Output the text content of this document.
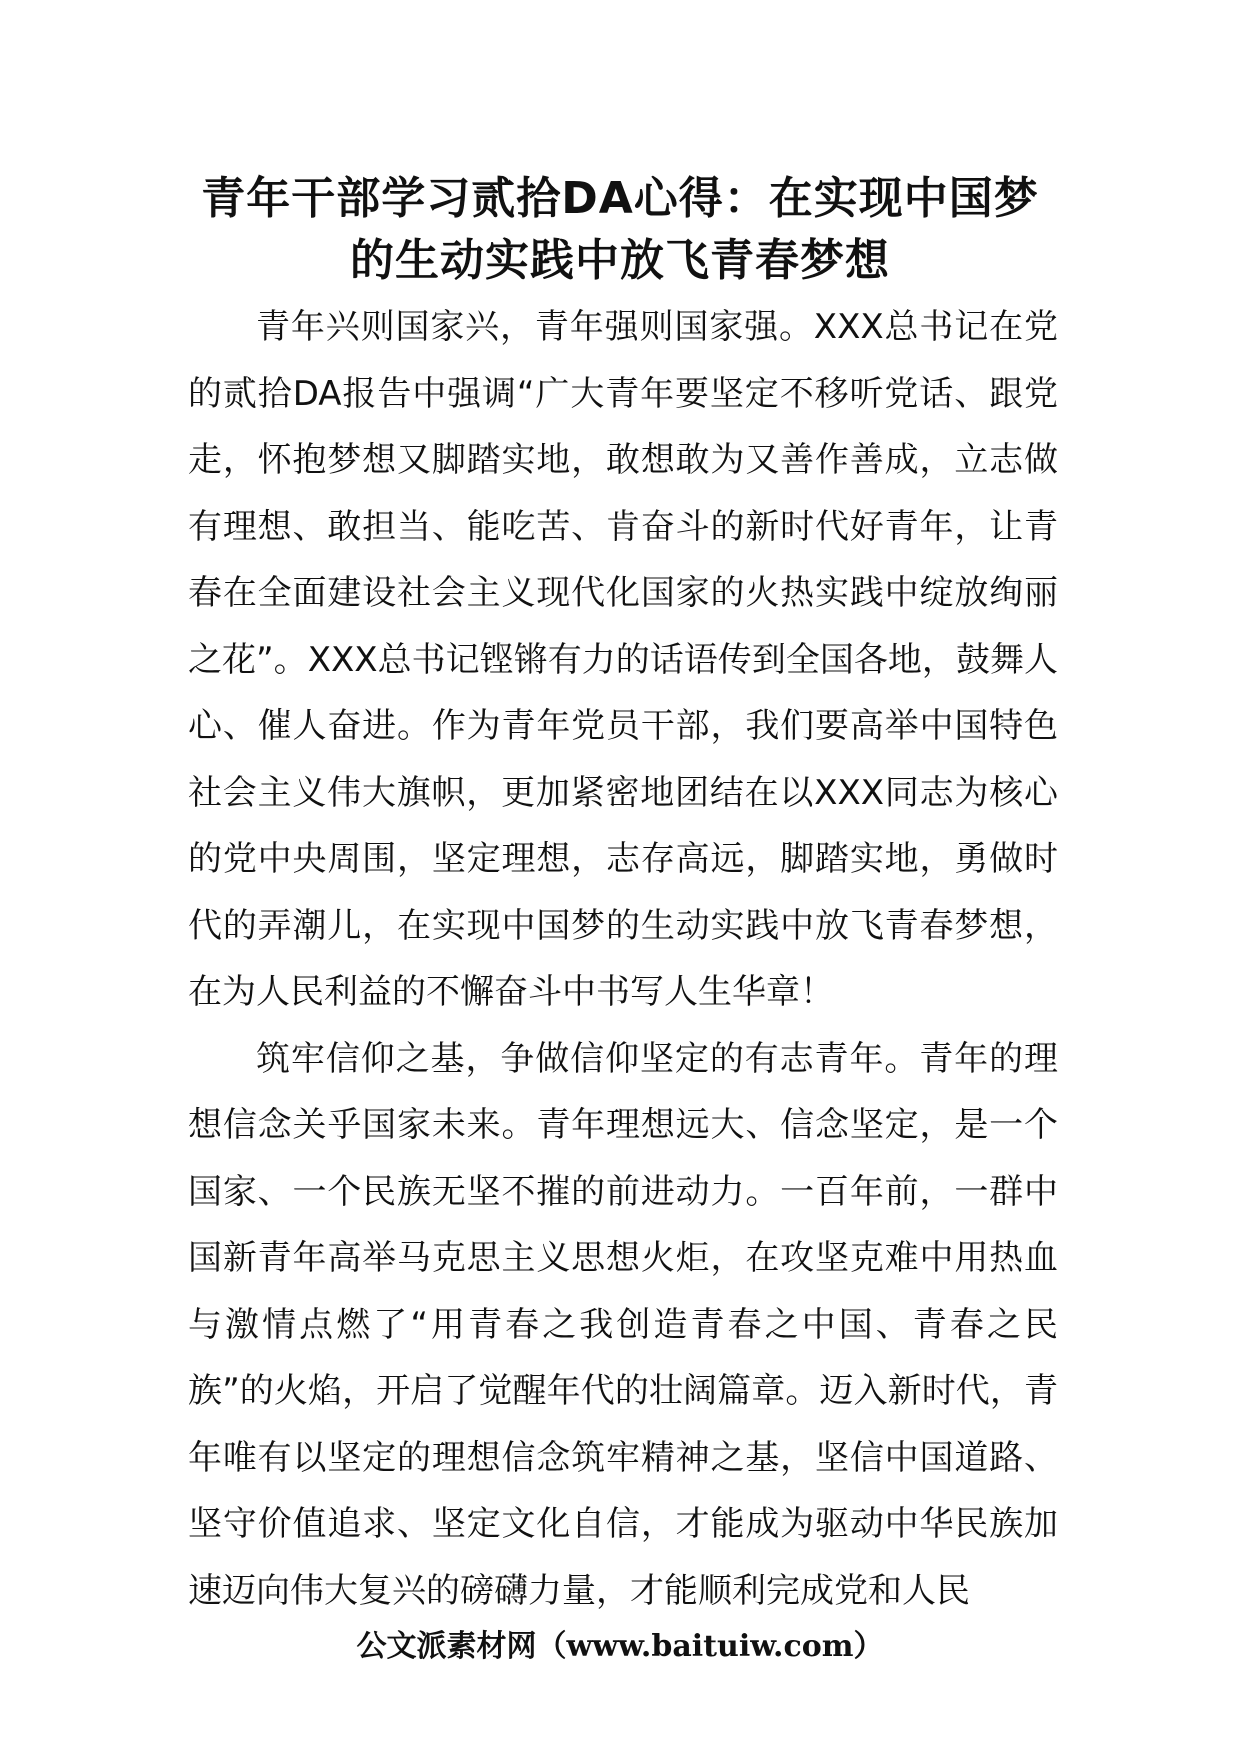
青年干部学习贰拾DA心得：在实现中国梦
的生动实践中放飞青春梦想

青年兴则国家兴，青年强则国家强。XXX总书记在党的贰拾DA报告中强调“广大青年要坚定不移听党话、跟党走，怀抱梦想又脚踏实地，敢想敢为又善作善成，立志做有理想、敢担当、能吃苦、肯奋斗的新时代好青年，让青春在全面建设社会主义现代化国家的火热实践中绽放绚丽之花”。XXX总书记铿锵有力的话语传到全国各地，鼓舞人心、催人奋进。作为青年党员干部，我们要高举中国特色社会主义伟大旗帜，更加紧密地团结在以XXX同志为核心的党中央周围，坚定理想，志存高远，脚踏实地，勇做时代的弄潮儿，在实现中国梦的生动实践中放飞青春梦想，在为人民利益的不懈奋斗中书写人生华章！

筑牢信仰之基，争做信仰坚定的有志青年。青年的理想信念关乎国家未来。青年理想远大、信念坚定，是一个国家、一个民族无坚不摧的前进动力。一百年前，一群中国新青年高举马克思主义思想火炬，在攻坚克难中用热血与激情点燃了“用青春之我创造青春之中国、青春之民族”的火焰，开启了觉醒年代的壮阔篇章。迈入新时代，青年唯有以坚定的理想信念筑牢精神之基，坚信中国道路、坚守价值追求、坚定文化自信，才能成为驱动中华民族加速迈向伟大复兴的磅礴力量，才能顺利完成党和人民

公文派素材网（www.baituiw.com）
